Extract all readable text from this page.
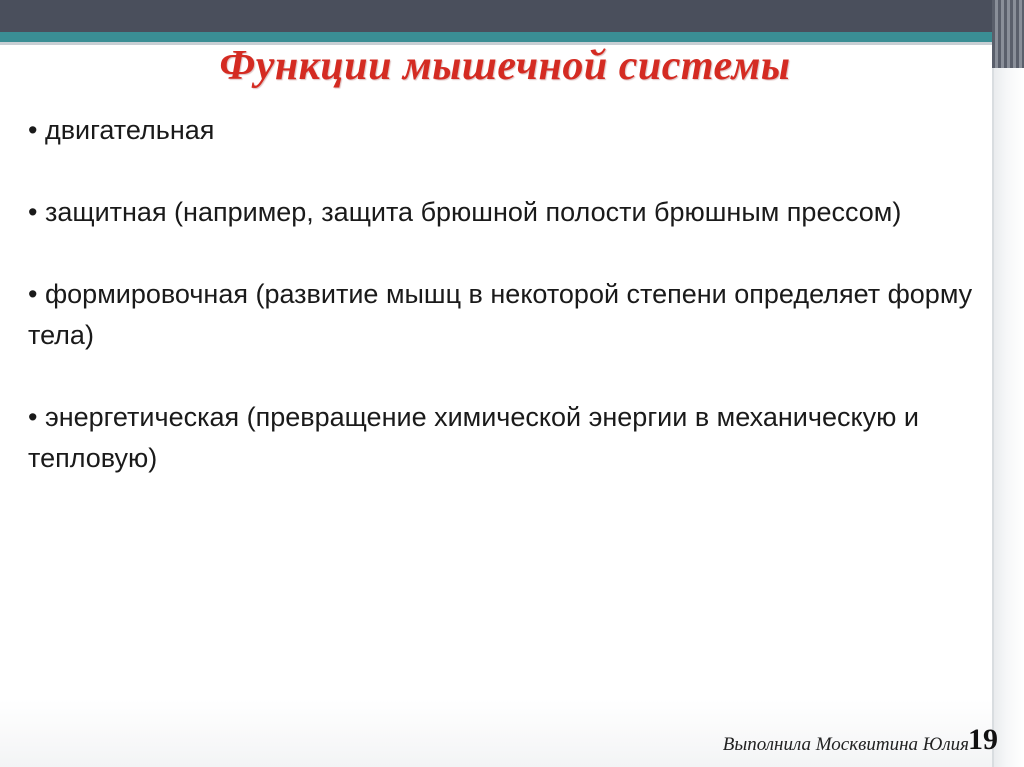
Функции мышечной системы

• двигательная

• защитная (например, защита брюшной полости брюшным прессом)

• формировочная (развитие мышц в некоторой степени определяет форму тела)

• энергетическая (превращение химической энергии в механическую и тепловую)

Выполнила Москвитина Юлия 19
